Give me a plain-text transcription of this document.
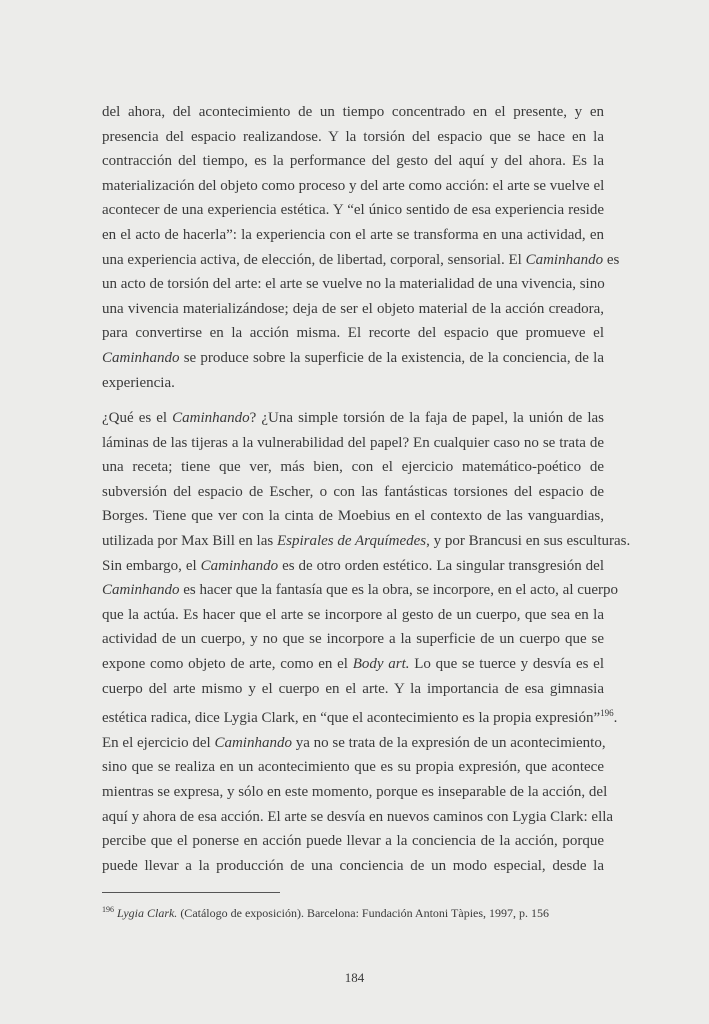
del ahora, del acontecimiento de un tiempo concentrado en el presente, y en
presencia del espacio realizandose. Y la torsión del espacio que se hace en la
contracción del tiempo, es la performance del gesto del aquí y del ahora. Es la
materialización del objeto como proceso y del arte como acción: el arte se vuelve el
acontecer de una experiencia estética. Y “el único sentido de esa experiencia reside
en el acto de hacerla”: la experiencia con el arte se transforma en una actividad, en
una experiencia activa, de elección, de libertad, corporal, sensorial. El Caminhando es
un acto de torsión del arte: el arte se vuelve no la materialidad de una vivencia, sino
una vivencia materializándose; deja de ser el objeto material de la acción creadora,
para convertirse en la acción misma. El recorte del espacio que promueve el
Caminhando se produce sobre la superficie de la existencia, de la conciencia, de la
experiencia.
¿Qué es el Caminhando? ¿Una simple torsión de la faja de papel, la unión de las
láminas de las tijeras a la vulnerabilidad del papel? En cualquier caso no se trata de
una receta; tiene que ver, más bien, con el ejercicio matemático-poético de
subversión del espacio de Escher, o con las fantásticas torsiones del espacio de
Borges. Tiene que ver con la cinta de Moebius en el contexto de las vanguardias,
utilizada por Max Bill en las Espirales de Arquímedes, y por Brancusi en sus esculturas.
Sin embargo, el Caminhando es de otro orden estético. La singular transgresión del
Caminhando es hacer que la fantasía que es la obra, se incorpore, en el acto, al cuerpo
que la actúa. Es hacer que el arte se incorpore al gesto de un cuerpo, que sea en la
actividad de un cuerpo, y no que se incorpore a la superficie de un cuerpo que se
expone como objeto de arte, como en el Body art. Lo que se tuerce y desvía es el
cuerpo del arte mismo y el cuerpo en el arte. Y la importancia de esa gimnasia
estética radica, dice Lygia Clark, en “que el acontecimiento es la propia expresión”$^{196}$.
En el ejercicio del Caminhando ya no se trata de la expresión de un acontecimiento,
sino que se realiza en un acontecimiento que es su propia expresión, que acontece
mientras se expresa, y sólo en este momento, porque es inseparable de la acción, del
aquí y ahora de esa acción. El arte se desvía en nuevos caminos con Lygia Clark: ella
percibe que el ponerse en acción puede llevar a la conciencia de la acción, porque
puede llevar a la producción de una conciencia de un modo especial, desde la
$^{196}$ Lygia Clark. (Catálogo de exposición). Barcelona: Fundación Antoni Tàpies, 1997, p. 156
184
